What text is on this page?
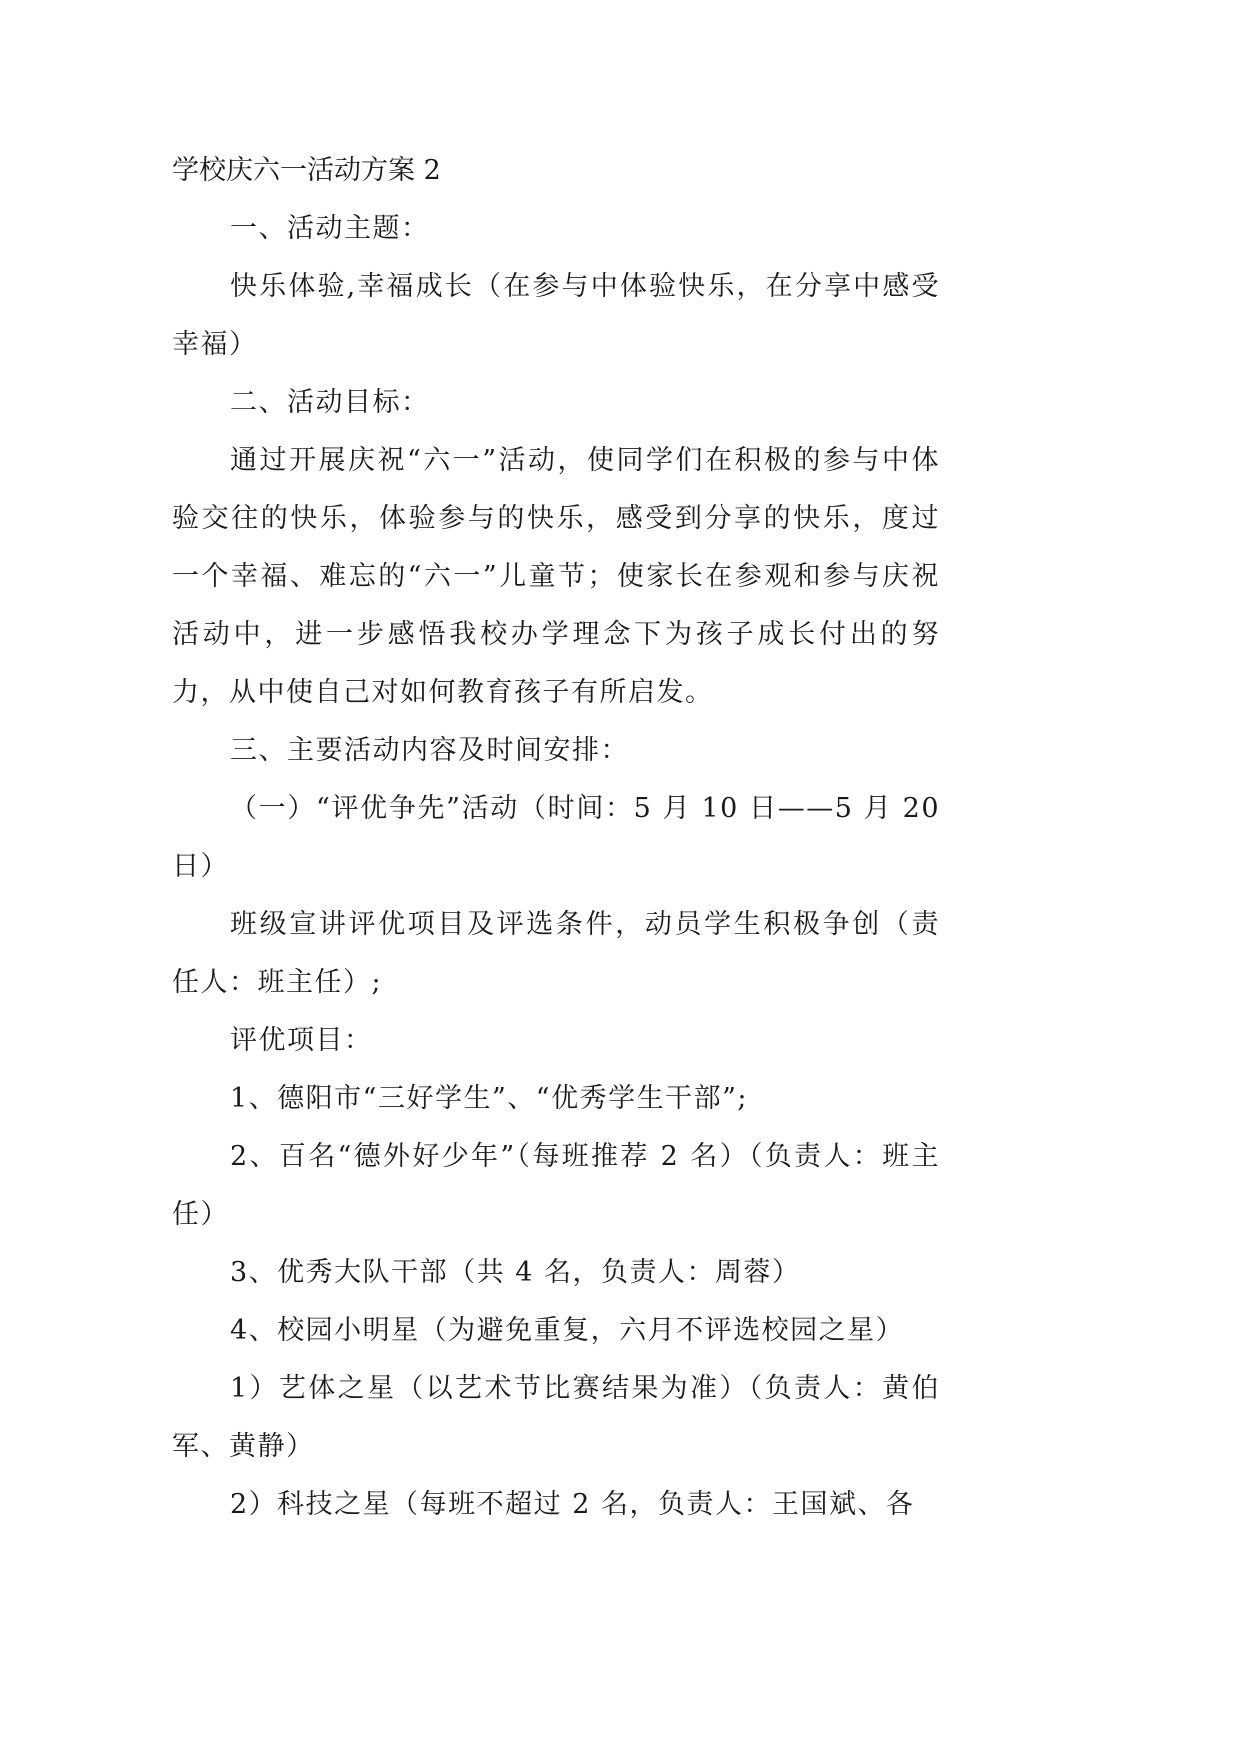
学校庆六一活动方案 2

一、活动主题：

快乐体验,幸福成长（在参与中体验快乐，在分享中感受幸福）

二、活动目标：

通过开展庆祝“六一”活动，使同学们在积极的参与中体验交往的快乐，体验参与的快乐，感受到分享的快乐，度过一个幸福、难忘的“六一”儿童节；使家长在参观和参与庆祝活动中，进一步感悟我校办学理念下为孩子成长付出的努力，从中使自己对如何教育孩子有所启发。

三、主要活动内容及时间安排：

（一）“评优争先”活动（时间：5 月 10 日——5 月 20 日）

班级宣讲评优项目及评选条件，动员学生积极争创（责任人：班主任）;

评优项目：

1、德阳市“三好学生”、“优秀学生干部”;

2、百名“德外好少年”（每班推荐 2 名）（负责人：班主任）

3、优秀大队干部（共 4 名，负责人：周蓉）

4、校园小明星（为避免重复，六月不评选校园之星）

1）艺体之星（以艺术节比赛结果为准）（负责人：黄伯军、黄静）

2）科技之星（每班不超过 2 名，负责人：王国斌、各
